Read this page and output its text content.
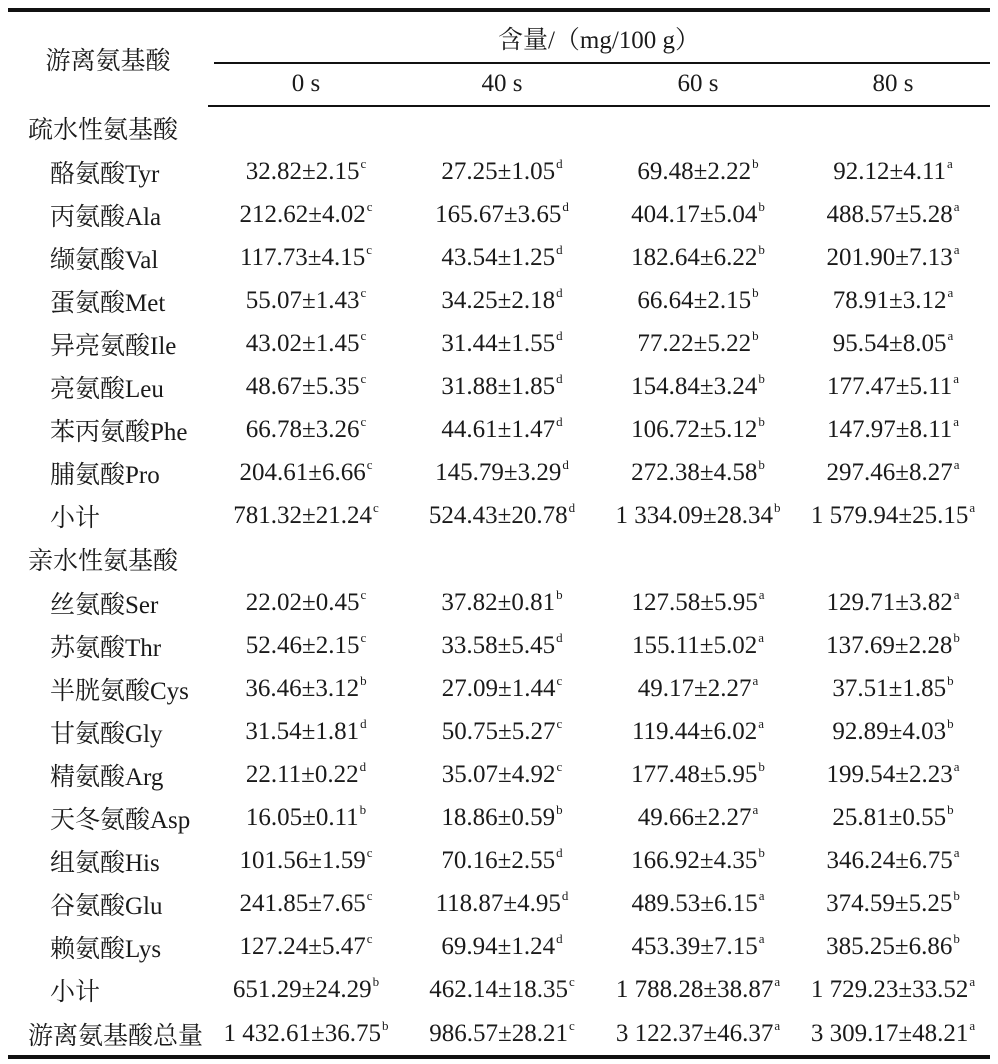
游离氨基酸	含量/（mg/100 g）			

	0 s	40 s	60 s	80 s
疏水性氨基酸				
酪氨酸Tyr	32.82±2.15$^c$	27.25±1.05$^d$	69.48±2.22$^b$	92.12±4.11$^a$
丙氨酸Ala	212.62±4.02$^c$	165.67±3.65$^d$	404.17±5.04$^b$	488.57±5.28$^a$
缬氨酸Val	117.73±4.15$^c$	43.54±1.25$^d$	182.64±6.22$^b$	201.90±7.13$^a$
蛋氨酸Met	55.07±1.43$^c$	34.25±2.18$^d$	66.64±2.15$^b$	78.91±3.12$^a$
异亮氨酸Ile	43.02±1.45$^c$	31.44±1.55$^d$	77.22±5.22$^b$	95.54±8.05$^a$
亮氨酸Leu	48.67±5.35$^c$	31.88±1.85$^d$	154.84±3.24$^b$	177.47±5.11$^a$
苯丙氨酸Phe	66.78±3.26$^c$	44.61±1.47$^d$	106.72±5.12$^b$	147.97±8.11$^a$
脯氨酸Pro	204.61±6.66$^c$	145.79±3.29$^d$	272.38±4.58$^b$	297.46±8.27$^a$
小计	781.32±21.24$^c$	524.43±20.78$^d$	1 334.09±28.34$^b$	1 579.94±25.15$^a$
亲水性氨基酸				
丝氨酸Ser	22.02±0.45$^c$	37.82±0.81$^b$	127.58±5.95$^a$	129.71±3.82$^a$
苏氨酸Thr	52.46±2.15$^c$	33.58±5.45$^d$	155.11±5.02$^a$	137.69±2.28$^b$
半胱氨酸Cys	36.46±3.12$^b$	27.09±1.44$^c$	49.17±2.27$^a$	37.51±1.85$^b$
甘氨酸Gly	31.54±1.81$^d$	50.75±5.27$^c$	119.44±6.02$^a$	92.89±4.03$^b$
精氨酸Arg	22.11±0.22$^d$	35.07±4.92$^c$	177.48±5.95$^b$	199.54±2.23$^a$
天冬氨酸Asp	16.05±0.11$^b$	18.86±0.59$^b$	49.66±2.27$^a$	25.81±0.55$^b$
组氨酸His	101.56±1.59$^c$	70.16±2.55$^d$	166.92±4.35$^b$	346.24±6.75$^a$
谷氨酸Glu	241.85±7.65$^c$	118.87±4.95$^d$	489.53±6.15$^a$	374.59±5.25$^b$
赖氨酸Lys	127.24±5.47$^c$	69.94±1.24$^d$	453.39±7.15$^a$	385.25±6.86$^b$
小计	651.29±24.29$^b$	462.14±18.35$^c$	1 788.28±38.87$^a$	1 729.23±33.52$^a$
游离氨基酸总量	1 432.61±36.75$^b$	986.57±28.21$^c$	3 122.37±46.37$^a$	3 309.17±48.21$^a$
